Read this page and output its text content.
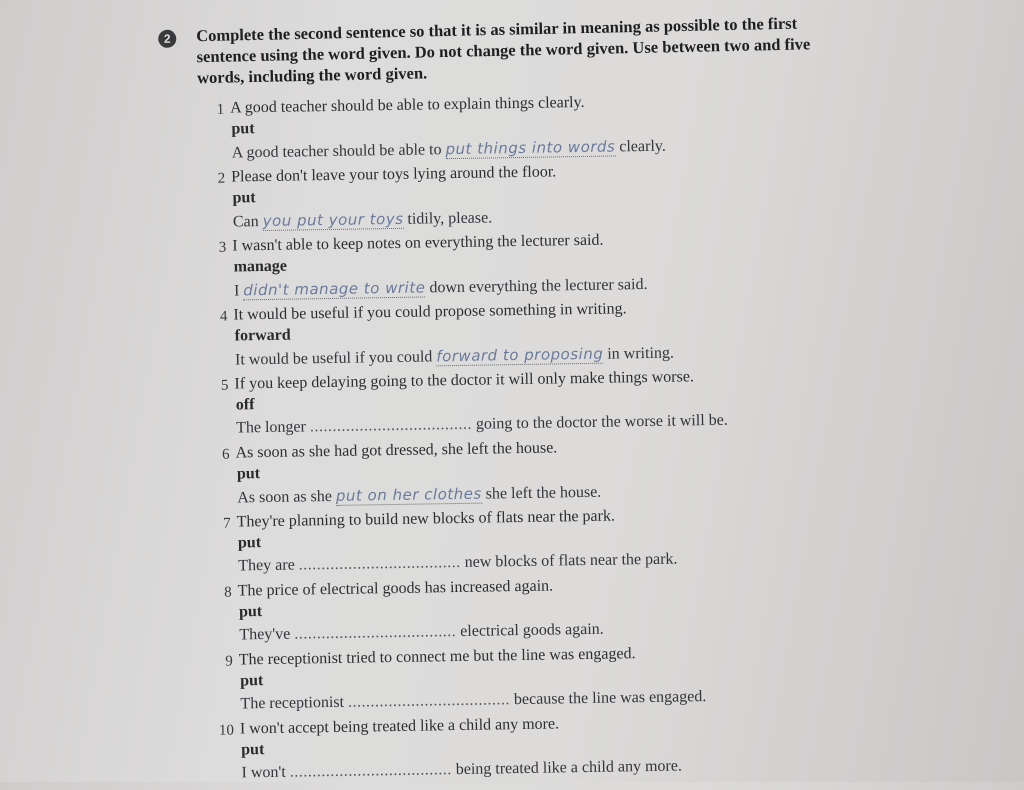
2	Complete the second sentence so that it is as similar in meaning as possible to the first sentence using the word given. Do not change the word given. Use between two and five words, including the word given.
1 A good teacher should be able to explain things clearly.
put
A good teacher should be able to put things into words clearly.
2 Please don't leave your toys lying around the floor.
put
Can you put your toys tidily, please.
3 I wasn't able to keep notes on everything the lecturer said.
manage
I didn't manage to write down everything the lecturer said.
4 It would be useful if you could propose something in writing.
forward
It would be useful if you could forward to proposing in writing.
5 If you keep delaying going to the doctor it will only make things worse.
off
The longer .................................... going to the doctor the worse it will be.
6 As soon as she had got dressed, she left the house.
put
As soon as she put on her clothes she left the house.
7 They're planning to build new blocks of flats near the park.
put
They are .................................... new blocks of flats near the park.
8 The price of electrical goods has increased again.
put
They've .................................... electrical goods again.
9 The receptionist tried to connect me but the line was engaged.
put
The receptionist .................................... because the line was engaged.
10 I won't accept being treated like a child any more.
put
I won't .................................... being treated like a child any more.
